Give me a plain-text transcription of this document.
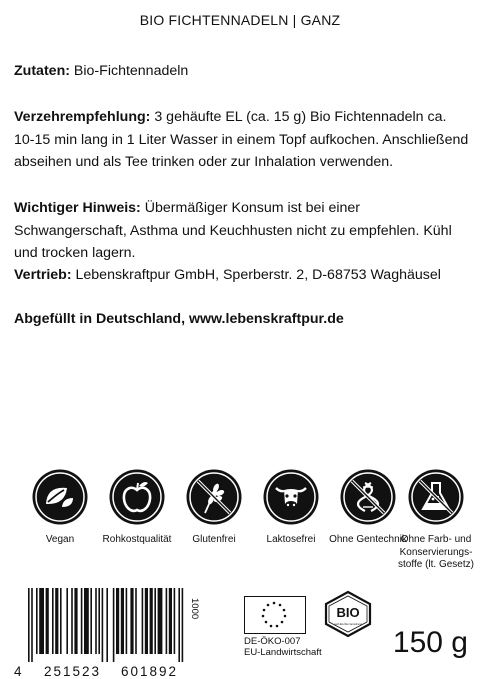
BIO FICHTENNADELN | GANZ
Zutaten: Bio-Fichtennadeln
Verzehrempfehlung: 3 gehäufte EL (ca. 15 g) Bio Fichtennadeln ca. 10-15 min lang in 1 Liter Wasser in einem Topf aufkochen. Anschließend abseihen und als Tee trinken oder zur Inhalation verwenden.
Wichtiger Hinweis: Übermäßiger Konsum ist bei einer Schwangerschaft, Asthma und Keuchhusten nicht zu empfehlen. Kühl und trocken lagern.
Vertrieb: Lebenskraftpur GmbH, Sperberstr. 2, D-68753 Waghäusel
Abgefüllt in Deutschland, www.lebenskraftpur.de
Vegan	Rohkostqualität	Glutenfrei	Laktosefrei	Ohne Gentechnik
Ohne Farb- und Konservierungs-stoffe (lt. Gesetz)
4 251523 601892
1000
DE-ÖKO-007
EU-Landwirtschaft
BIO
nach EG-Öko-Verordnung
150 g
